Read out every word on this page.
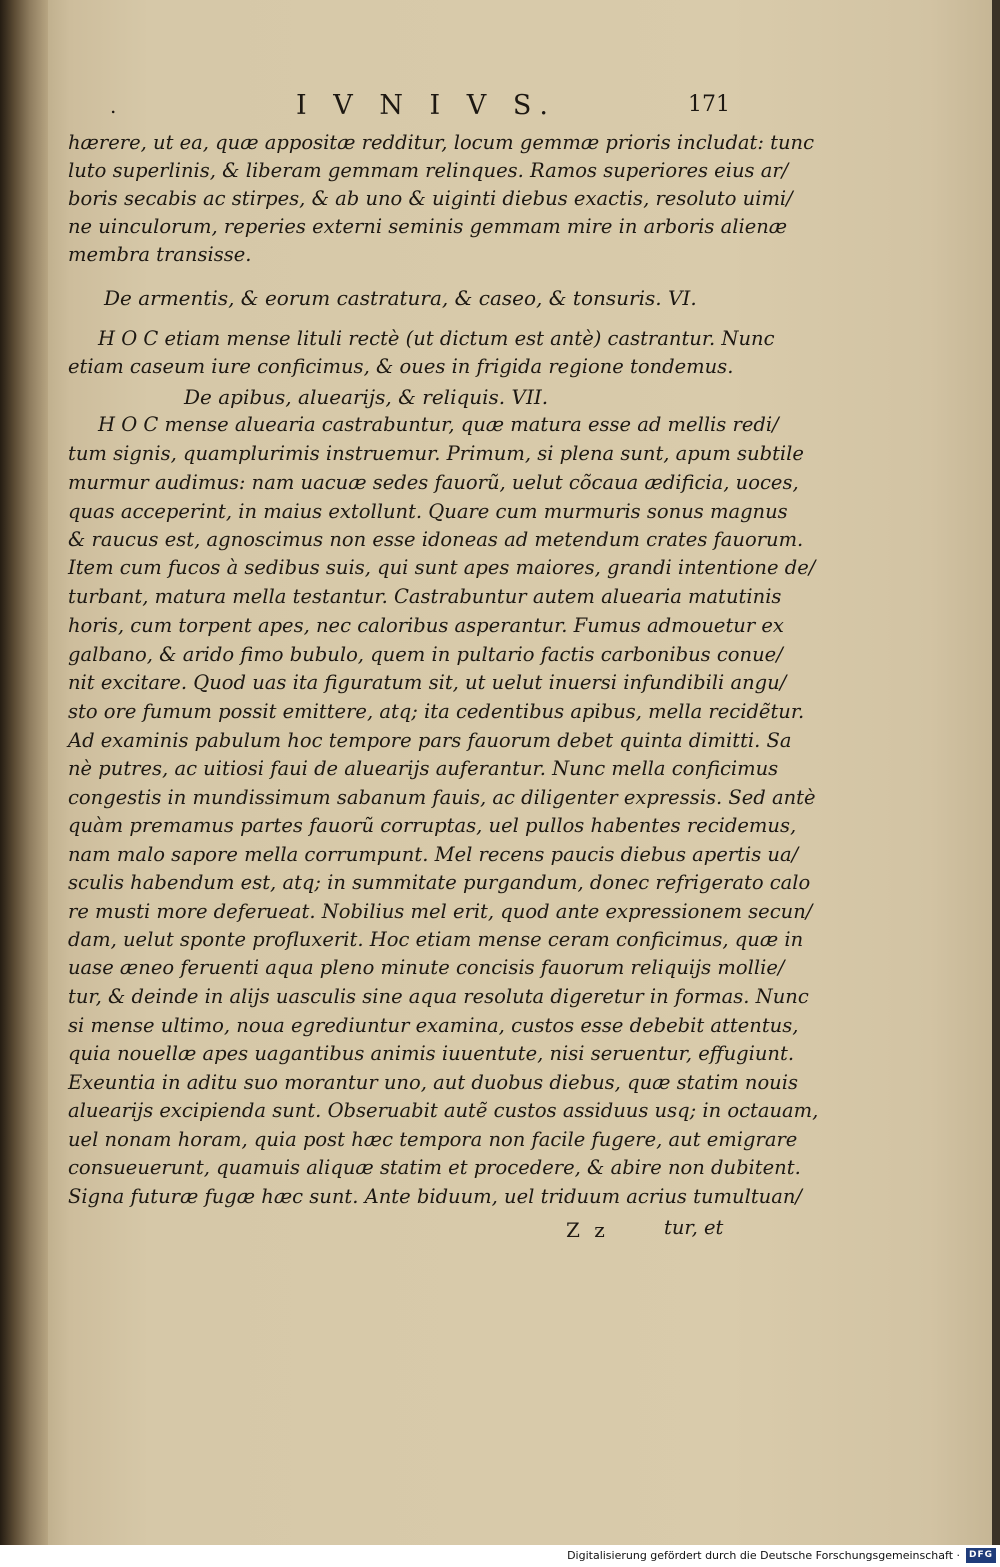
.	I V N I V S.	171
hærere, ut ea, quæ appositæ redditur, locum gemmæ prioris includat: tunc
luto superlinis, & liberam gemmam relinques. Ramos superiores eius ar/
boris secabis ac stirpes, & ab uno & uiginti diebus exactis, resoluto uimi/
ne uinculorum, reperies externi seminis gemmam mire in arboris alienæ
membra transisse.
De armentis, & eorum castratura, & caseo, & tonsuris. VI.
H O C etiam mense lituli rectè (ut dictum est antè) castrantur. Nunc
etiam caseum iure conficimus, & oues in frigida regione tondemus.
De apibus, aluearijs, & reliquis. VII.
H O C mense aluearia castrabuntur, quæ matura esse ad mellis redi/
tum signis, quamplurimis instruemur. Primum, si plena sunt, apum subtile
murmur audimus: nam uacuæ sedes fauorũ, uelut cõcaua ædificia, uoces,
quas acceperint, in maius extollunt. Quare cum murmuris sonus magnus
& raucus est, agnoscimus non esse idoneas ad metendum crates fauorum.
Item cum fucos à sedibus suis, qui sunt apes maiores, grandi intentione de/
turbant, matura mella testantur. Castrabuntur autem aluearia matutinis
horis, cum torpent apes, nec caloribus asperantur. Fumus admouetur ex
galbano, & arido fimo bubulo, quem in pultario factis carbonibus conue/
nit excitare. Quod uas ita figuratum sit, ut uelut inuersi infundibili angu/
sto ore fumum possit emittere, atq; ita cedentibus apibus, mella recidẽtur.
Ad examinis pabulum hoc tempore pars fauorum debet quinta dimitti. Sa
nè putres, ac uitiosi faui de aluearijs auferantur. Nunc mella conficimus
congestis in mundissimum sabanum fauis, ac diligenter expressis. Sed antè
quàm premamus partes fauorũ corruptas, uel pullos habentes recidemus,
nam malo sapore mella corrumpunt. Mel recens paucis diebus apertis ua/
sculis habendum est, atq; in summitate purgandum, donec refrigerato calo
re musti more deferueat. Nobilius mel erit, quod ante expressionem secun/
dam, uelut sponte profluxerit. Hoc etiam mense ceram conficimus, quæ in
uase æneo feruenti aqua pleno minute concisis fauorum reliquijs mollie/
tur, & deinde in alijs uasculis sine aqua resoluta digeretur in formas. Nunc
si mense ultimo, noua egrediuntur examina, custos esse debebit attentus,
quia nouellæ apes uagantibus animis iuuentute, nisi seruentur, effugiunt.
Exeuntia in aditu suo morantur uno, aut duobus diebus, quæ statim nouis
aluearijs excipienda sunt. Obseruabit autẽ custos assiduus usq; in octauam,
uel nonam horam, quia post hæc tempora non facile fugere, aut emigrare
consueuerunt, quamuis aliquæ statim et procedere, & abire non dubitent.
Signa futuræ fugæ hæc sunt. Ante biduum, uel triduum acrius tumultuan/
Z z	tur, et
Digitalisierung gefördert durch die Deutsche Forschungsgemeinschaft · DFG
